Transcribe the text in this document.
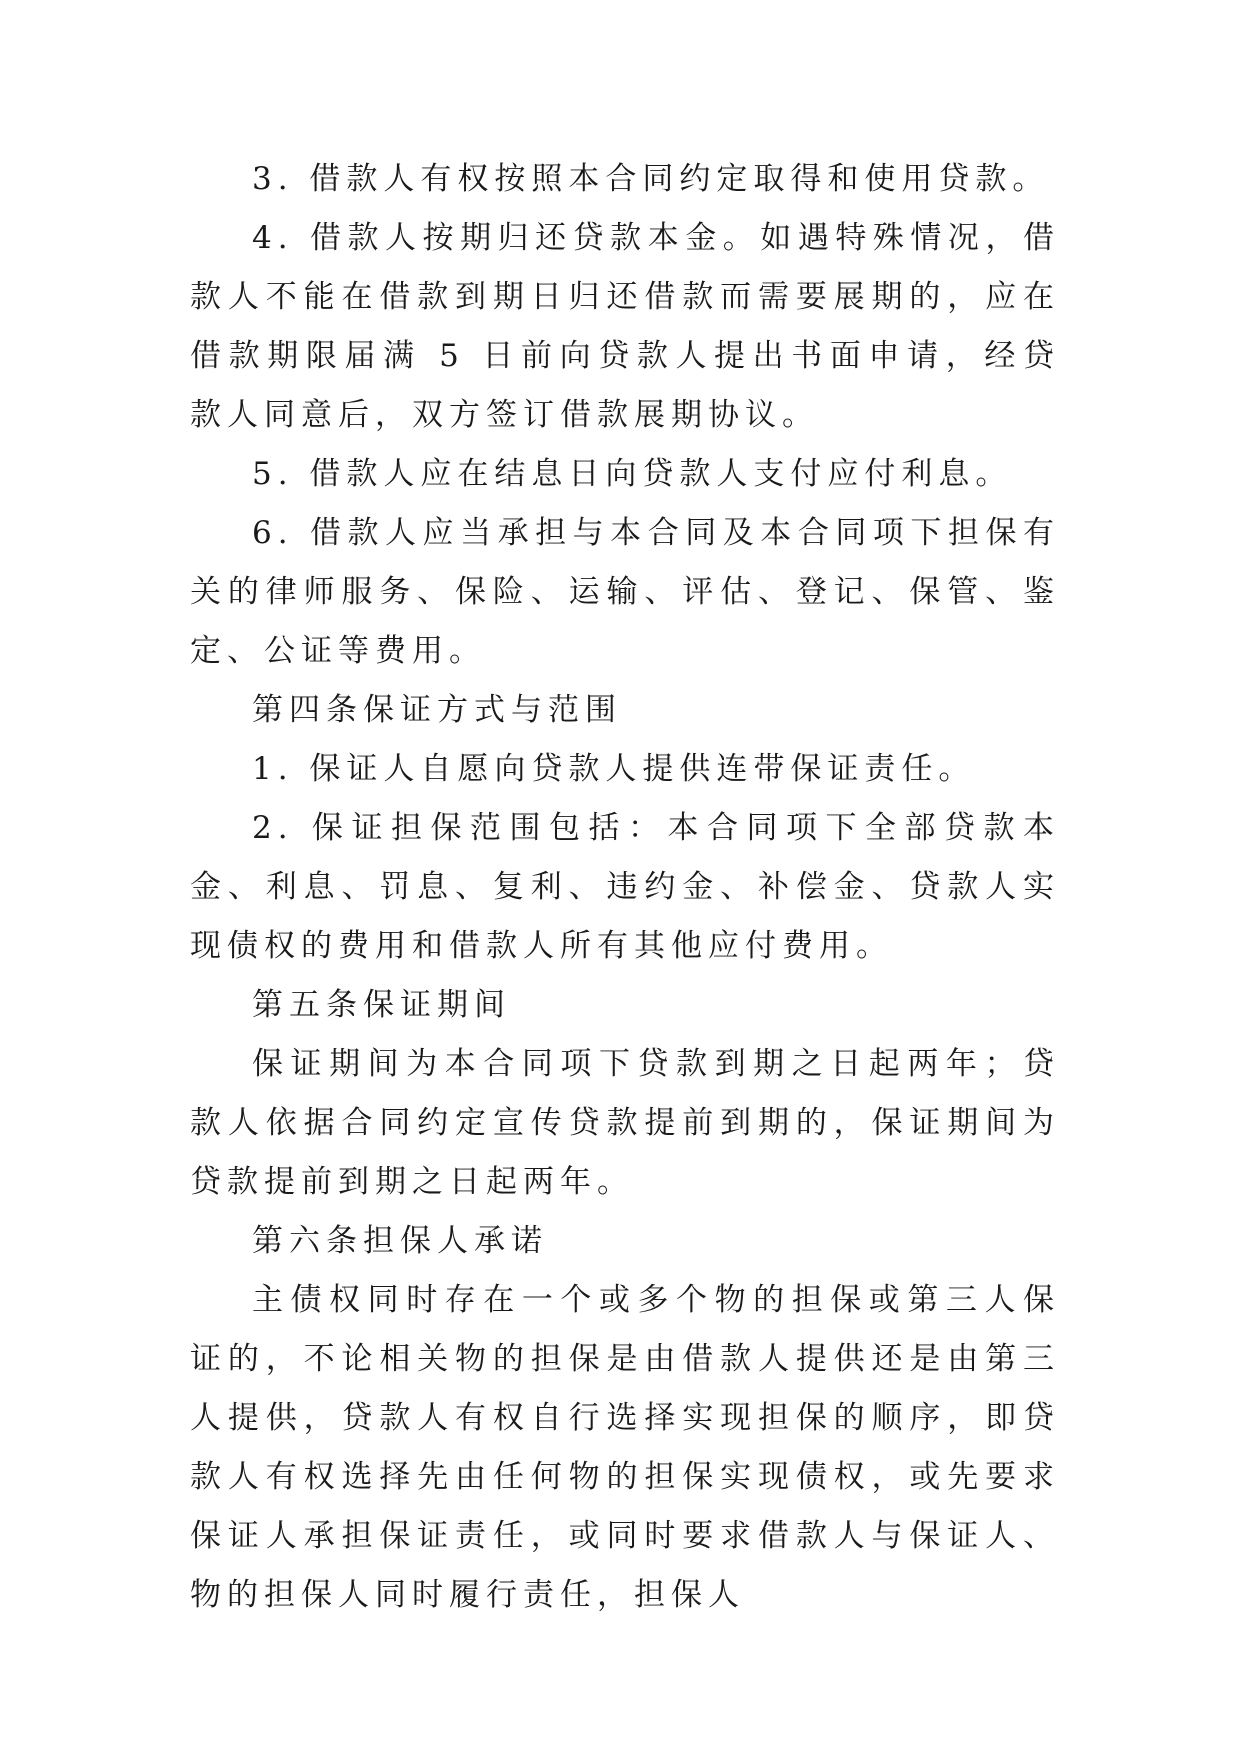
3. 借款人有权按照本合同约定取得和使用贷款。

4. 借款人按期归还贷款本金。如遇特殊情况，借款人不能在借款到期日归还借款而需要展期的，应在借款期限届满 5 日前向贷款人提出书面申请，经贷款人同意后，双方签订借款展期协议。

5. 借款人应在结息日向贷款人支付应付利息。

6. 借款人应当承担与本合同及本合同项下担保有关的律师服务、保险、运输、评估、登记、保管、鉴定、公证等费用。

第四条保证方式与范围

1. 保证人自愿向贷款人提供连带保证责任。

2. 保证担保范围包括：本合同项下全部贷款本金、利息、罚息、复利、违约金、补偿金、贷款人实现债权的费用和借款人所有其他应付费用。

第五条保证期间

保证期间为本合同项下贷款到期之日起两年；贷款人依据合同约定宣传贷款提前到期的，保证期间为贷款提前到期之日起两年。

第六条担保人承诺

主债权同时存在一个或多个物的担保或第三人保证的，不论相关物的担保是由借款人提供还是由第三人提供，贷款人有权自行选择实现担保的顺序，即贷款人有权选择先由任何物的担保实现债权，或先要求保证人承担保证责任，或同时要求借款人与保证人、物的担保人同时履行责任，担保人
